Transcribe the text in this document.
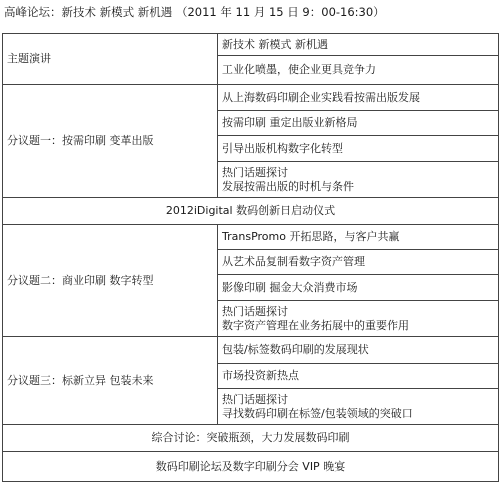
高峰论坛：新技术 新模式 新机遇 （2011 年 11 月 15 日 9：00-16:30）
主题演讲	新技术 新模式 新机遇
	工业化喷墨，使企业更具竞争力
分议题一：按需印刷 变革出版	从上海数码印刷企业实践看按需出版发展
	按需印刷 重定出版业新格局
	引导出版机构数字化转型

	热门话题探讨
发展按需出版的时机与条件

2012iDigital 数码创新日启动仪式	
分议题二：商业印刷 数字转型	TransPromo 开拓思路，与客户共赢
	从艺术品复制看数字资产管理
	影像印刷 掘金大众消费市场

	热门话题探讨
数字资产管理在业务拓展中的重要作用

分议题三：标新立异 包装未来	包装/标签数码印刷的发展现状
	市场投资新热点

	热门话题探讨
寻找数码印刷在标签/包装领域的突破口

综合讨论：突破瓶颈，大力发展数码印刷	
数码印刷论坛及数字印刷分会 VIP 晚宴	
